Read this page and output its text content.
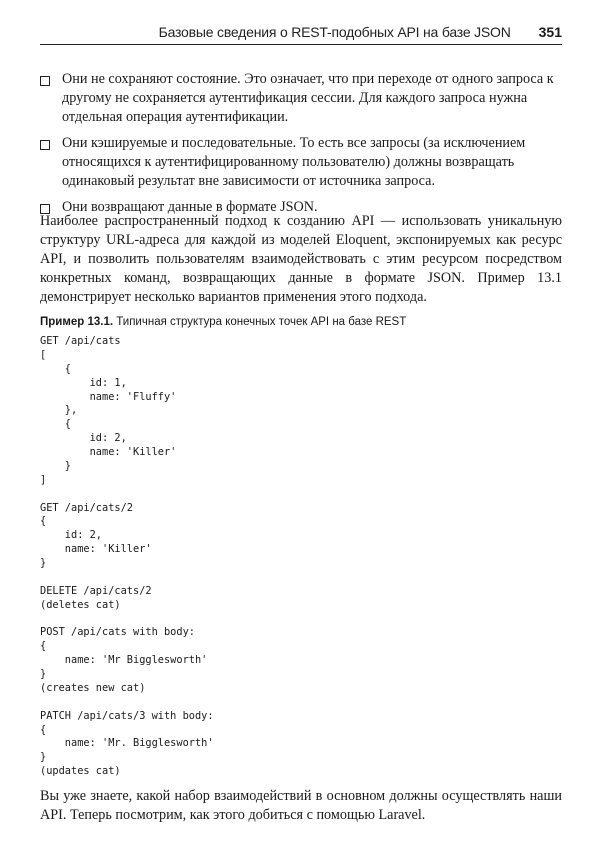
Базовые сведения о REST-подобных API на базе JSON 351
Они не сохраняют состояние. Это означает, что при переходе от одного запроса к другому не сохраняется аутентификация сессии. Для каждого запроса нужна отдельная операция аутентификации.
Они кэшируемые и последовательные. То есть все запросы (за исключением относящихся к аутентифицированному пользователю) должны возвращать одинаковый результат вне зависимости от источника запроса.
Они возвращают данные в формате JSON.

Наиболее распространенный подход к созданию API — использовать уникальную структуру URL-адреса для каждой из моделей Eloquent, экспонируемых как ресурс API, и позволить пользователям взаимодействовать с этим ресурсом посредством конкретных команд, возвращающих данные в формате JSON. Пример 13.1 демонстрирует несколько вариантов применения этого подхода.

Пример 13.1. Типичная структура конечных точек API на базе REST

GET /api/cats
[
{
id: 1,
name: 'Fluffy'
},
{
id: 2,
name: 'Killer'
}
]

GET /api/cats/2
{
id: 2,
name: 'Killer'
}

DELETE /api/cats/2
(deletes cat)

POST /api/cats with body:
{
name: 'Mr Bigglesworth'
}
(creates new cat)

PATCH /api/cats/3 with body:
{
name: 'Mr. Bigglesworth'
}
(updates cat)

Вы уже знаете, какой набор взаимодействий в основном должны осуществлять наши API. Теперь посмотрим, как этого добиться с помощью Laravel.
